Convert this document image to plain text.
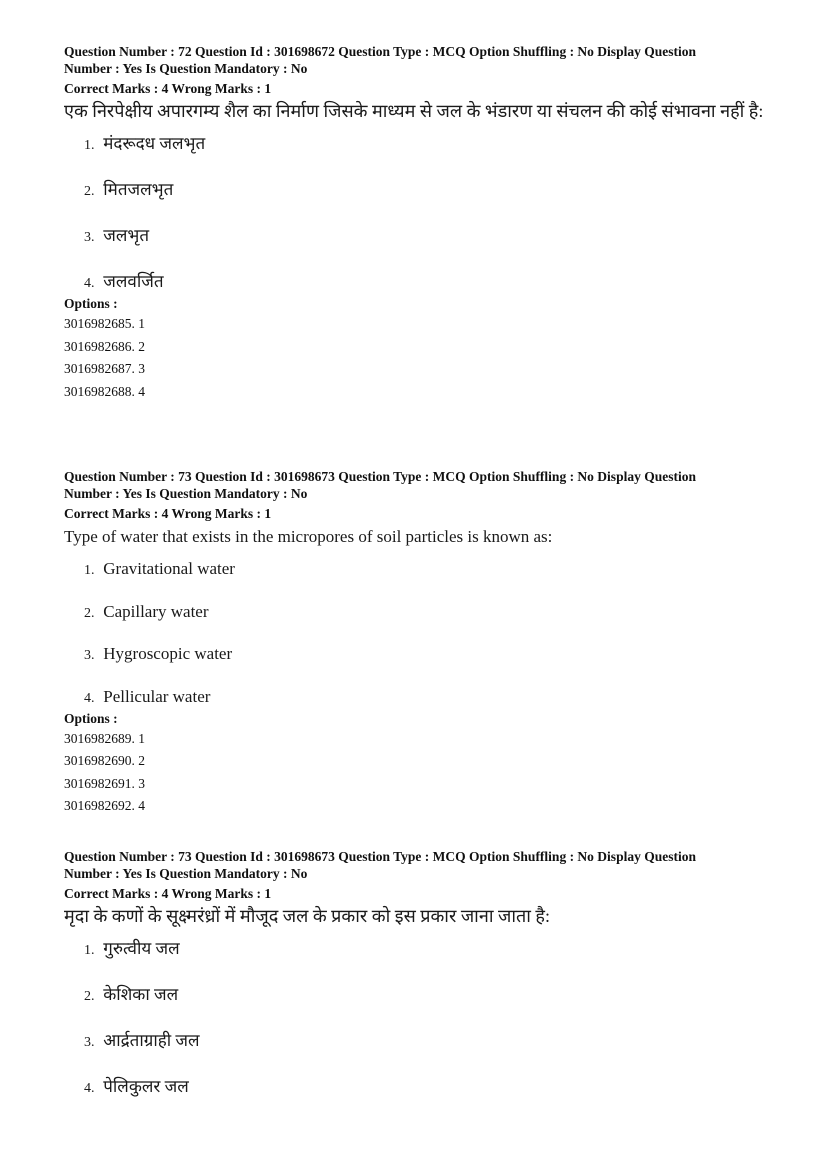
Question Number : 72 Question Id : 301698672 Question Type : MCQ Option Shuffling : No Display Question
Number : Yes Is Question Mandatory : No
Correct Marks : 4 Wrong Marks : 1
एक निरपेक्षीय अपारगम्य शैल का निर्माण जिसके माध्यम से जल के भंडारण या संचलन की कोई संभावना नहीं है:
1. मंदरूदध जलभृत
2. मितजलभृत
3. जलभृत
4. जलवर्जित
Options :
3016982685. 1
3016982686. 2
3016982687. 3
3016982688. 4
Question Number : 73 Question Id : 301698673 Question Type : MCQ Option Shuffling : No Display Question
Number : Yes Is Question Mandatory : No
Correct Marks : 4 Wrong Marks : 1
Type of water that exists in the micropores of soil particles is known as:
1. Gravitational water
2. Capillary water
3. Hygroscopic water
4. Pellicular water
Options :
3016982689. 1
3016982690. 2
3016982691. 3
3016982692. 4
Question Number : 73 Question Id : 301698673 Question Type : MCQ Option Shuffling : No Display Question
Number : Yes Is Question Mandatory : No
Correct Marks : 4 Wrong Marks : 1
मृदा के कणों के सूक्ष्मरंध्रों में मौजूद जल के प्रकार को इस प्रकार जाना जाता है:
1. गुरुत्वीय जल
2. केशिका जल
3. आर्द्रताग्राही जल
4. पेलिकुलर जल
